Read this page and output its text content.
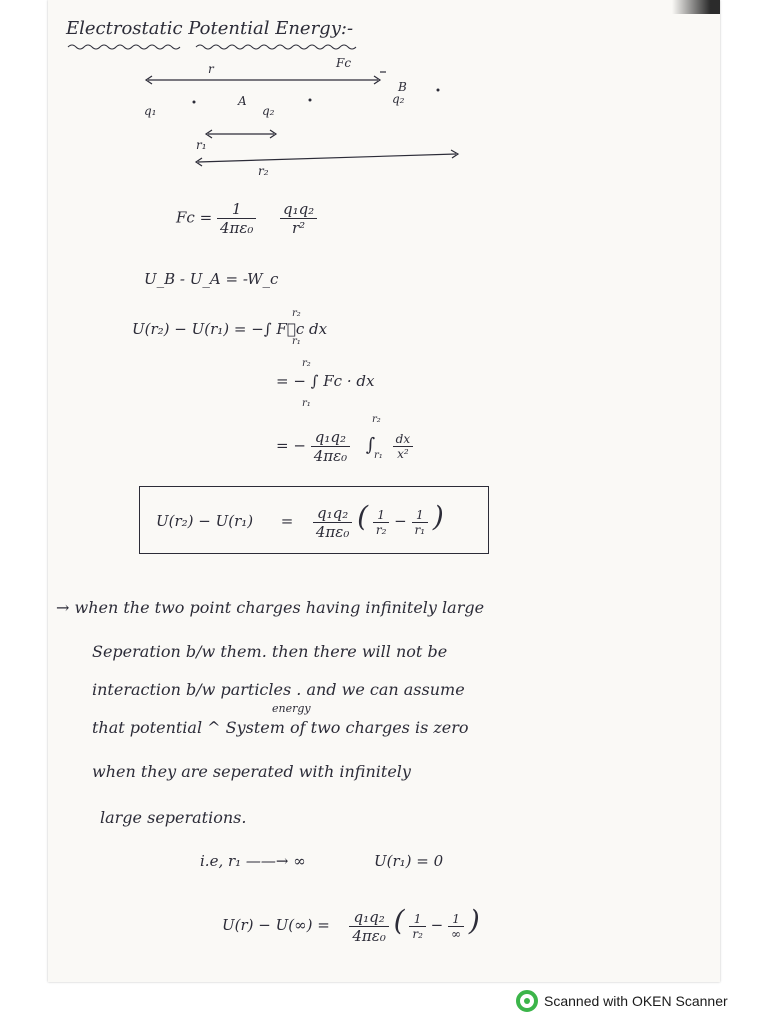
Electrostatic Potential Energy:-
r	Fc
q₁
A
q₂
B
q₂
r₁
r₂
$Fc = \frac{1}{\text{4πε₀}}$
$\frac{\text{q₁q₂}}{\text{r²}}$
U_B - U_A = -W_c
U(r₂) − U(r₁) = −∫ F⃗c dx
r₂
r₁
= − ∫ Fc · dx
r₂
r₁
= − $\frac{\text{q₁q₂}}{\text{4πε₀}}$ ∫ $\frac{dx}{\text{x²}}$
r₂
r₁
$U(r_2) - U(r_1) = \frac{\text{q₁q₂}}{\text{4πε₀}}$ ( $\frac{1}{\text{r₂}} - \frac{1}{\text{r₁}}$ )
→ when the two point charges having infinitely large
Seperation b/w them. then there will not be
interaction b/w particles . and we can assume
energy
that potential ^ System of two charges is zero
when they are seperated with infinitely
large seperations.
i.e, r₁ ——→ ∞	U(r₁) = 0
$U(r) - U(\infty) = \frac{\text{q₁q₂}}{\text{4πε₀}}$ ( $\frac{1}{\text{r₂}} - \frac{1}{\infty}$ )
Scanned with OKEN Scanner
